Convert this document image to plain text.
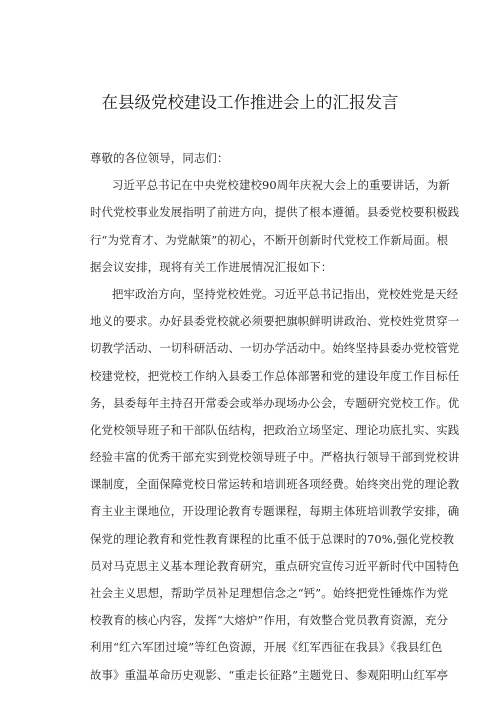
在县级党校建设工作推进会上的汇报发言
尊敬的各位领导，同志们：
习近平总书记在中央党校建校90周年庆祝大会上的重要讲话，为新
时代党校事业发展指明了前进方向，提供了根本遵循。县委党校要积极践
行“为党育才、为党献策”的初心，不断开创新时代党校工作新局面。根
据会议安排，现将有关工作进展情况汇报如下：
把牢政治方向，坚持党校姓党。习近平总书记指出，党校姓党是天经
地义的要求。办好县委党校就必须要把旗帜鲜明讲政治、党校姓党贯穿一
切教学活动、一切科研活动、一切办学活动中。始终坚持县委办党校管党
校建党校，把党校工作纳入县委工作总体部署和党的建设年度工作目标任
务，县委每年主持召开常委会或举办现场办公会，专题研究党校工作。优
化党校领导班子和干部队伍结构，把政治立场坚定、理论功底扎实、实践
经验丰富的优秀干部充实到党校领导班子中。严格执行领导干部到党校讲
课制度，全面保障党校日常运转和培训班各项经费。始终突出党的理论教
育主业主课地位，开设理论教育专题课程，每期主体班培训教学安排，确
保党的理论教育和党性教育课程的比重不低于总课时的70%,强化党校教
员对马克思主义基本理论教育研究，重点研究宣传习近平新时代中国特色
社会主义思想，帮助学员补足理想信念之“钙”。始终把党性锤炼作为党
校教育的核心内容，发挥“大熔炉”作用，有效整合党员教育资源，充分
利用“红六军团过境”等红色资源，开展《红军西征在我县》《我县红色
故事》重温革命历史观影、“重走长征路”主题党日、参观阳明山红军亭
